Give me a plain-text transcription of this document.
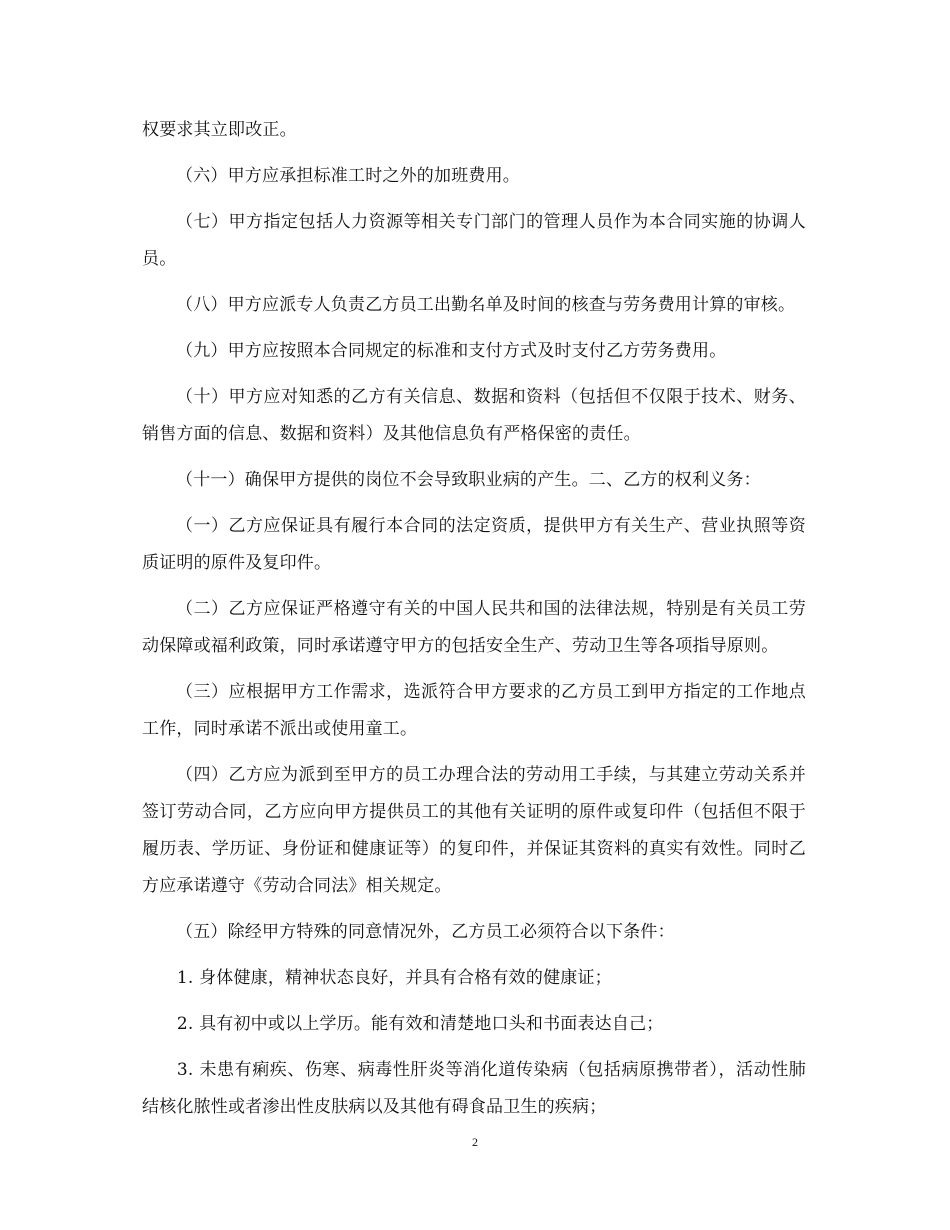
权要求其立即改正。

（六）甲方应承担标准工时之外的加班费用。

（七）甲方指定包括人力资源等相关专门部门的管理人员作为本合同实施的协调人员。

（八）甲方应派专人负责乙方员工出勤名单及时间的核查与劳务费用计算的审核。

（九）甲方应按照本合同规定的标准和支付方式及时支付乙方劳务费用。

（十）甲方应对知悉的乙方有关信息、数据和资料（包括但不仅限于技术、财务、销售方面的信息、数据和资料）及其他信息负有严格保密的责任。

（十一）确保甲方提供的岗位不会导致职业病的产生。二、乙方的权利义务：

（一）乙方应保证具有履行本合同的法定资质，提供甲方有关生产、营业执照等资质证明的原件及复印件。

（二）乙方应保证严格遵守有关的中国人民共和国的法律法规，特别是有关员工劳动保障或福利政策，同时承诺遵守甲方的包括安全生产、劳动卫生等各项指导原则。

（三）应根据甲方工作需求，选派符合甲方要求的乙方员工到甲方指定的工作地点工作，同时承诺不派出或使用童工。

（四）乙方应为派到至甲方的员工办理合法的劳动用工手续，与其建立劳动关系并签订劳动合同，乙方应向甲方提供员工的其他有关证明的原件或复印件（包括但不限于履历表、学历证、身份证和健康证等）的复印件，并保证其资料的真实有效性。同时乙方应承诺遵守《劳动合同法》相关规定。

（五）除经甲方特殊的同意情况外，乙方员工必须符合以下条件：

1. 身体健康，精神状态良好，并具有合格有效的健康证；

2. 具有初中或以上学历。能有效和清楚地口头和书面表达自己；

3. 未患有痢疾、伤寒、病毒性肝炎等消化道传染病（包括病原携带者），活动性肺结核化脓性或者渗出性皮肤病以及其他有碍食品卫生的疾病；

2
